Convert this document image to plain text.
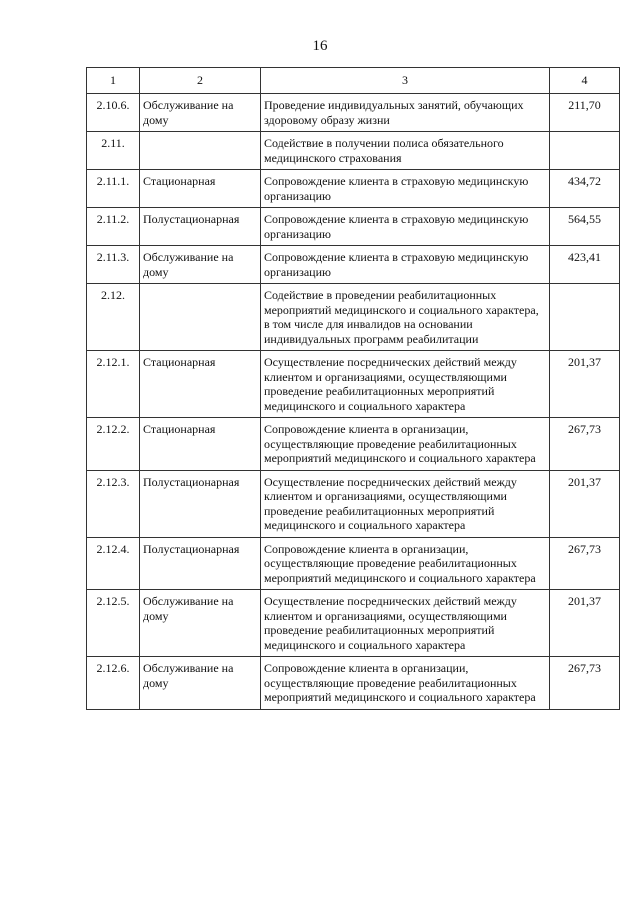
16
1	2	3	4
2.10.6.	Обслуживание на дому	Проведение индивидуальных занятий, обучающих здоровому образу жизни	211,70
2.11.		Содействие в получении полиса обязательного медицинского страхования	
2.11.1.	Стационарная	Сопровождение клиента в страховую медицинскую организацию	434,72
2.11.2.	Полустационарная	Сопровождение клиента в страховую медицинскую организацию	564,55
2.11.3.	Обслуживание на дому	Сопровождение клиента в страховую медицинскую организацию	423,41
2.12.		Содействие в проведении реабилитационных мероприятий медицинского и социального характера, в том числе для инвалидов на основании индивидуальных программ реабилитации	
2.12.1.	Стационарная	Осуществление посреднических действий между клиентом и организациями, осуществляющими проведение реабилитационных мероприятий медицинского и социального характера	201,37
2.12.2.	Стационарная	Сопровождение клиента в организации, осуществляющие проведение реабилитационных мероприятий медицинского и социального характера	267,73
2.12.3.	Полустационарная	Осуществление посреднических действий между клиентом и организациями, осуществляющими проведение реабилитационных мероприятий медицинского и социального характера	201,37
2.12.4.	Полустационарная	Сопровождение клиента в организации, осуществляющие проведение реабилитационных мероприятий медицинского и социального характера	267,73
2.12.5.	Обслуживание на дому	Осуществление посреднических действий между клиентом и организациями, осуществляющими проведение реабилитационных мероприятий медицинского и социального характера	201,37
2.12.6.	Обслуживание на дому	Сопровождение клиента в организации, осуществляющие проведение реабилитационных мероприятий медицинского и социального характера	267,73
